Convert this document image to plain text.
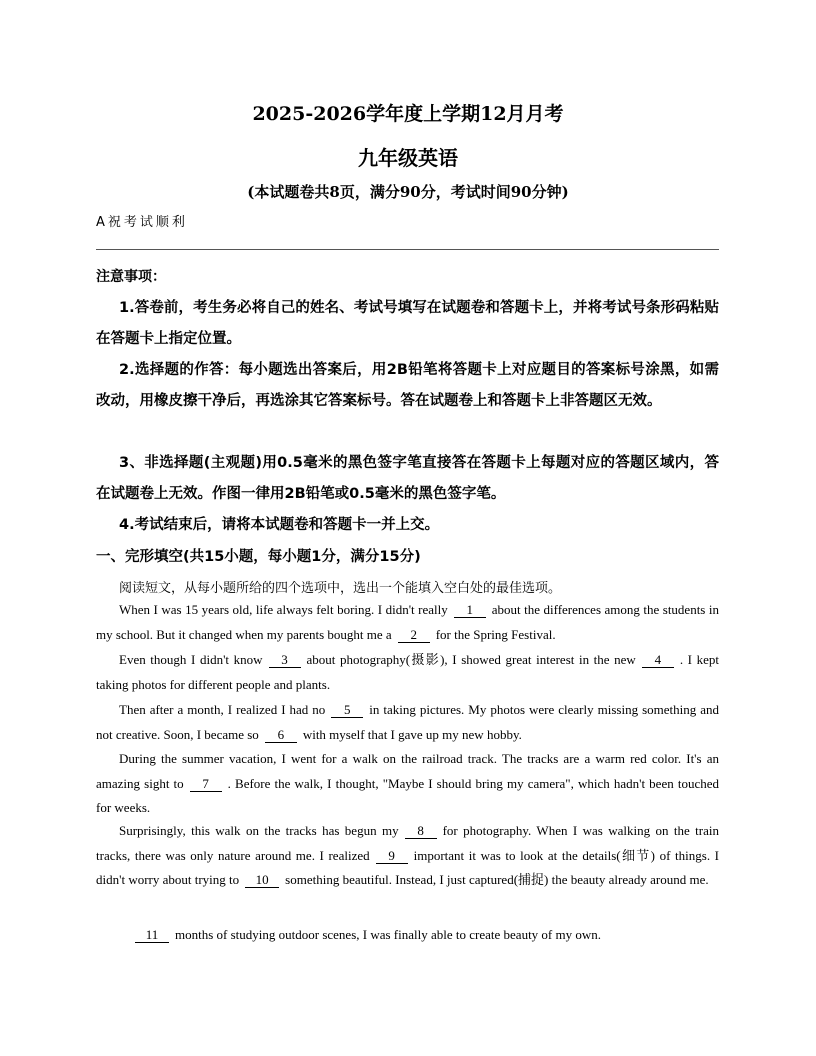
2025-2026学年度上学期12月月考
九年级英语
(本试题卷共8页，满分90分，考试时间90分钟)
A祝考试顺利
注意事项：
1.答卷前，考生务必将自己的姓名、考试号填写在试题卷和答题卡上，并将考试号条形码粘贴在答题卡上指定位置。
2.选择题的作答：每小题选出答案后，用2B铅笔将答题卡上对应题目的答案标号涂黑，如需改动，用橡皮擦干净后，再选涂其它答案标号。答在试题卷上和答题卡上非答题区无效。
3、非选择题(主观题)用0.5毫米的黑色签字笔直接答在答题卡上每题对应的答题区域内，答在试题卷上无效。作图一律用2B铅笔或0.5毫米的黑色签字笔。
4.考试结束后，请将本试题卷和答题卡一并上交。
一、完形填空(共15小题，每小题1分，满分15分)
阅读短文，从每小题所给的四个选项中，选出一个能填入空白处的最佳选项。
When I was 15 years old, life always felt boring. I didn't really 1 about the differences among the students in my school. But it changed when my parents bought me a 2 for the Spring Festival.
Even though I didn't know 3 about photography(摄影), I showed great interest in the new 4 . I kept taking photos for different people and plants.
Then after a month, I realized I had no 5 in taking pictures. My photos were clearly missing something and not creative. Soon, I became so 6 with myself that I gave up my new hobby.
During the summer vacation, I went for a walk on the railroad track. The tracks are a warm red color. It's an amazing sight to 7 . Before the walk, I thought, "Maybe I should bring my camera", which hadn't been touched for weeks.
Surprisingly, this walk on the tracks has begun my 8 for photography. When I was walking on the train tracks, there was only nature around me. I realized 9 important it was to look at the details(细节) of things. I didn't worry about trying to 10 something beautiful. Instead, I just captured(捕捉) the beauty already around me.
11 months of studying outdoor scenes, I was finally able to create beauty of my own.
